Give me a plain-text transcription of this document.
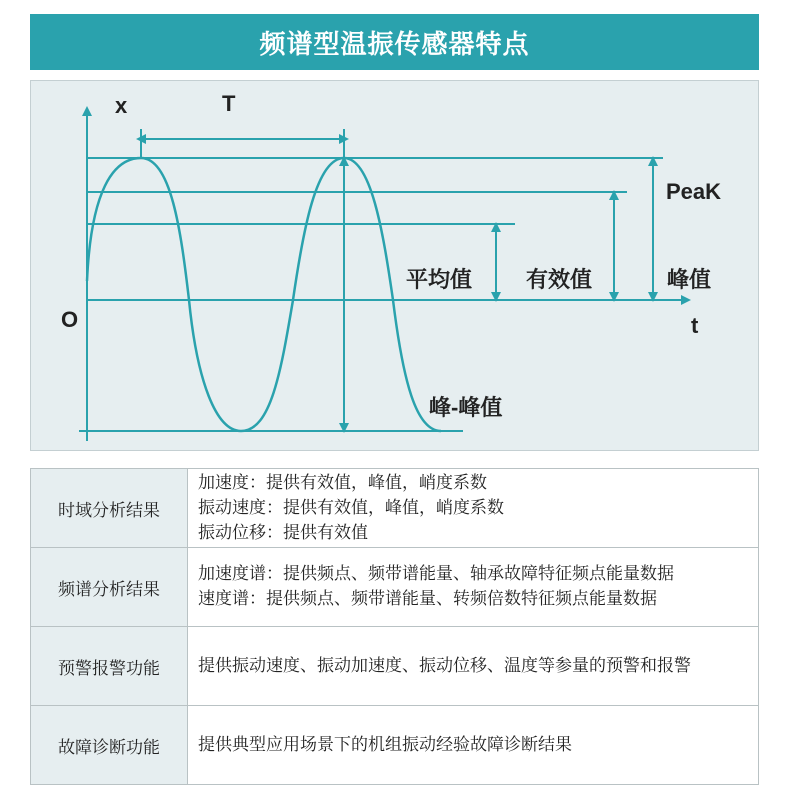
频谱型温振传感器特点
x	T
PeaK
O	t
平均值 有效值	峰值
峰-峰值
时域分析结果	加速度：提供有效值，峰值，峭度系数
振动速度：提供有效值，峰值，峭度系数
振动位移：提供有效值

频谱分析结果	加速度谱：提供频点、频带谱能量、轴承故障特征频点能量数据
速度谱：提供频点、频带谱能量、转频倍数特征频点能量数据

预警报警功能	提供振动速度、振动加速度、振动位移、温度等参量的预警和报警

故障诊断功能	提供典型应用场景下的机组振动经验故障诊断结果
